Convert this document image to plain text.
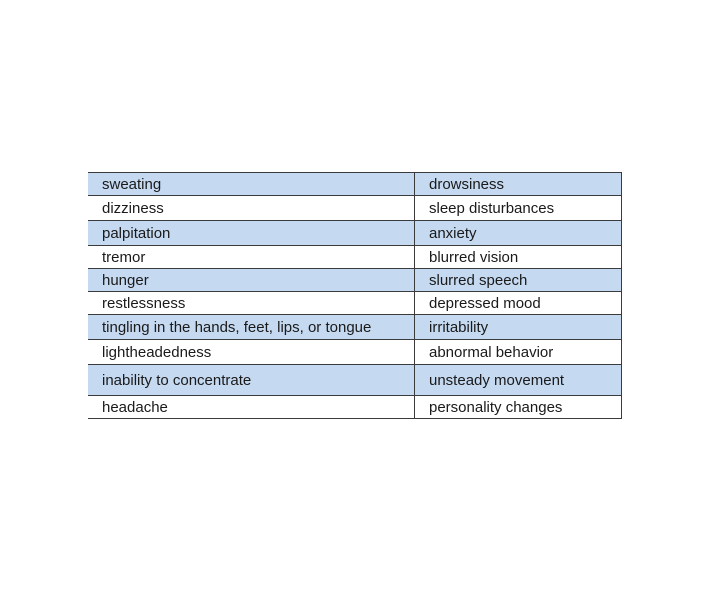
sweating	drowsiness
dizziness	sleep disturbances
palpitation	anxiety
tremor	blurred vision
hunger	slurred speech
restlessness	depressed mood
tingling in the hands, feet, lips, or tongue	irritability
lightheadedness	abnormal behavior
inability to concentrate	unsteady movement
headache	personality changes
